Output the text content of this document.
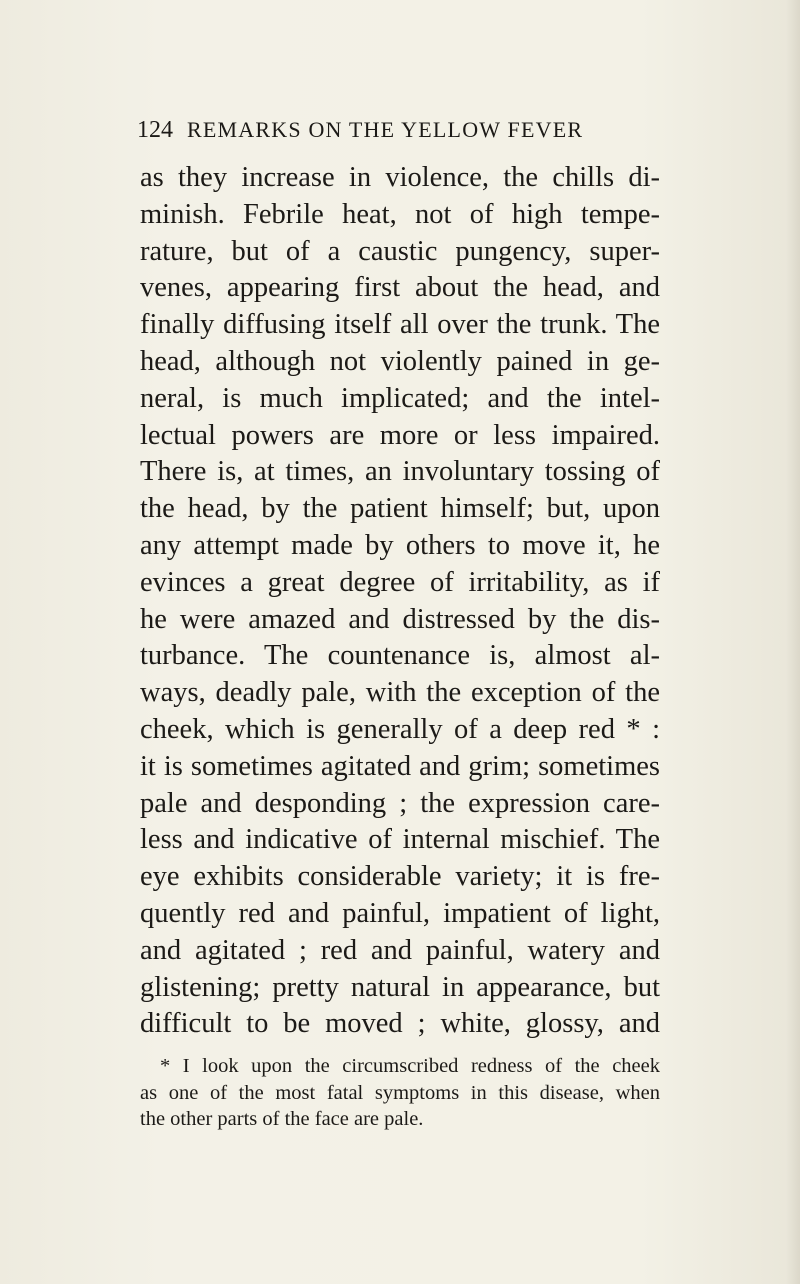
124 REMARKS ON THE YELLOW FEVER
as they increase in violence, the chills di-
minish. Febrile heat, not of high tempe-
rature, but of a caustic pungency, super-
venes, appearing first about the head, and
finally diffusing itself all over the trunk. The
head, although not violently pained in ge-
neral, is much implicated; and the intel-
lectual powers are more or less impaired.
There is, at times, an involuntary tossing of
the head, by the patient himself; but, upon
any attempt made by others to move it, he
evinces a great degree of irritability, as if
he were amazed and distressed by the dis-
turbance. The countenance is, almost al-
ways, deadly pale, with the exception of the
cheek, which is generally of a deep red * :
it is sometimes agitated and grim; sometimes
pale and desponding ; the expression care-
less and indicative of internal mischief. The
eye exhibits considerable variety; it is fre-
quently red and painful, impatient of light,
and agitated ; red and painful, watery and
glistening; pretty natural in appearance, but
difficult to be moved ; white, glossy, and
* I look upon the circumscribed redness of the cheek
as one of the most fatal symptoms in this disease, when
the other parts of the face are pale.
